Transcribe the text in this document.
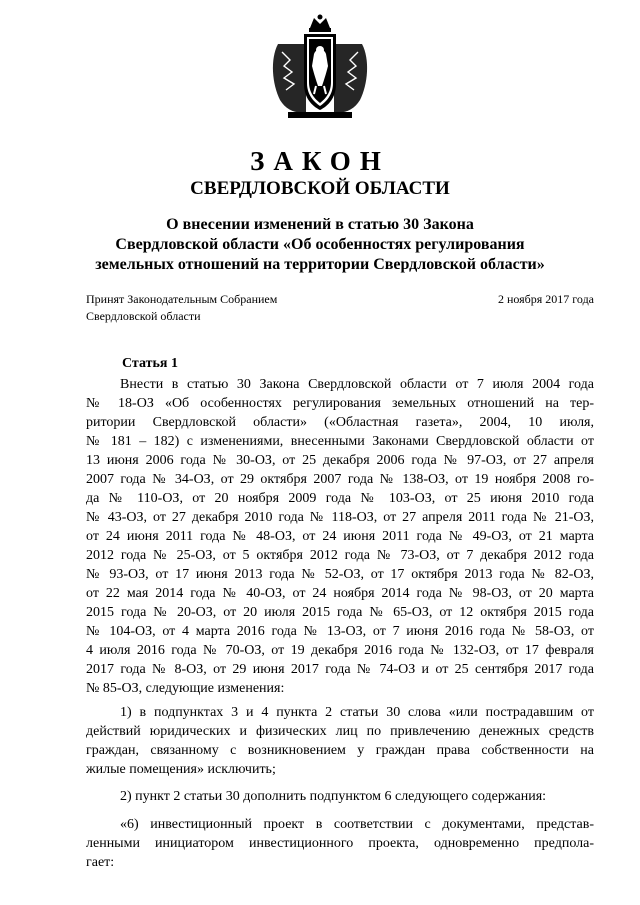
ЗАКОН
СВЕРДЛОВСКОЙ ОБЛАСТИ
О внесении изменений в статью 30 Закона
Свердловской области «Об особенностях регулирования
земельных отношений на территории Свердловской области»
Принят Законодательным Собранием
Свердловской области
2 ноября 2017 года
Статья 1
Внести в статью 30 Закона Свердловской области от 7 июля 2004 года
№ 18-ОЗ «Об особенностях регулирования земельных отношений на тер-
ритории Свердловской области» («Областная газета», 2004, 10 июля,
№ 181 – 182) с изменениями, внесенными Законами Свердловской области от
13 июня 2006 года № 30-ОЗ, от 25 декабря 2006 года № 97-ОЗ, от 27 апреля
2007 года № 34-ОЗ, от 29 октября 2007 года № 138-ОЗ, от 19 ноября 2008 го-
да № 110-ОЗ, от 20 ноября 2009 года № 103-ОЗ, от 25 июня 2010 года
№ 43-ОЗ, от 27 декабря 2010 года № 118-ОЗ, от 27 апреля 2011 года № 21-ОЗ,
от 24 июня 2011 года № 48-ОЗ, от 24 июня 2011 года № 49-ОЗ, от 21 марта
2012 года № 25-ОЗ, от 5 октября 2012 года № 73-ОЗ, от 7 декабря 2012 года
№ 93-ОЗ, от 17 июня 2013 года № 52-ОЗ, от 17 октября 2013 года № 82-ОЗ,
от 22 мая 2014 года № 40-ОЗ, от 24 ноября 2014 года № 98-ОЗ, от 20 марта
2015 года № 20-ОЗ, от 20 июля 2015 года № 65-ОЗ, от 12 октября 2015 года
№ 104-ОЗ, от 4 марта 2016 года № 13-ОЗ, от 7 июня 2016 года № 58-ОЗ, от
4 июля 2016 года № 70-ОЗ, от 19 декабря 2016 года № 132-ОЗ, от 17 февраля
2017 года № 8-ОЗ, от 29 июня 2017 года № 74-ОЗ и от 25 сентября 2017 года
№ 85-ОЗ, следующие изменения:
1) в подпунктах 3 и 4 пункта 2 статьи 30 слова «или пострадавшим от
действий юридических и физических лиц по привлечению денежных средств
граждан, связанному с возникновением у граждан права собственности на
жилые помещения» исключить;
2) пункт 2 статьи 30 дополнить подпунктом 6 следующего содержания:
«6) инвестиционный проект в соответствии с документами, представ-
ленными инициатором инвестиционного проекта, одновременно предпола-
гает:
